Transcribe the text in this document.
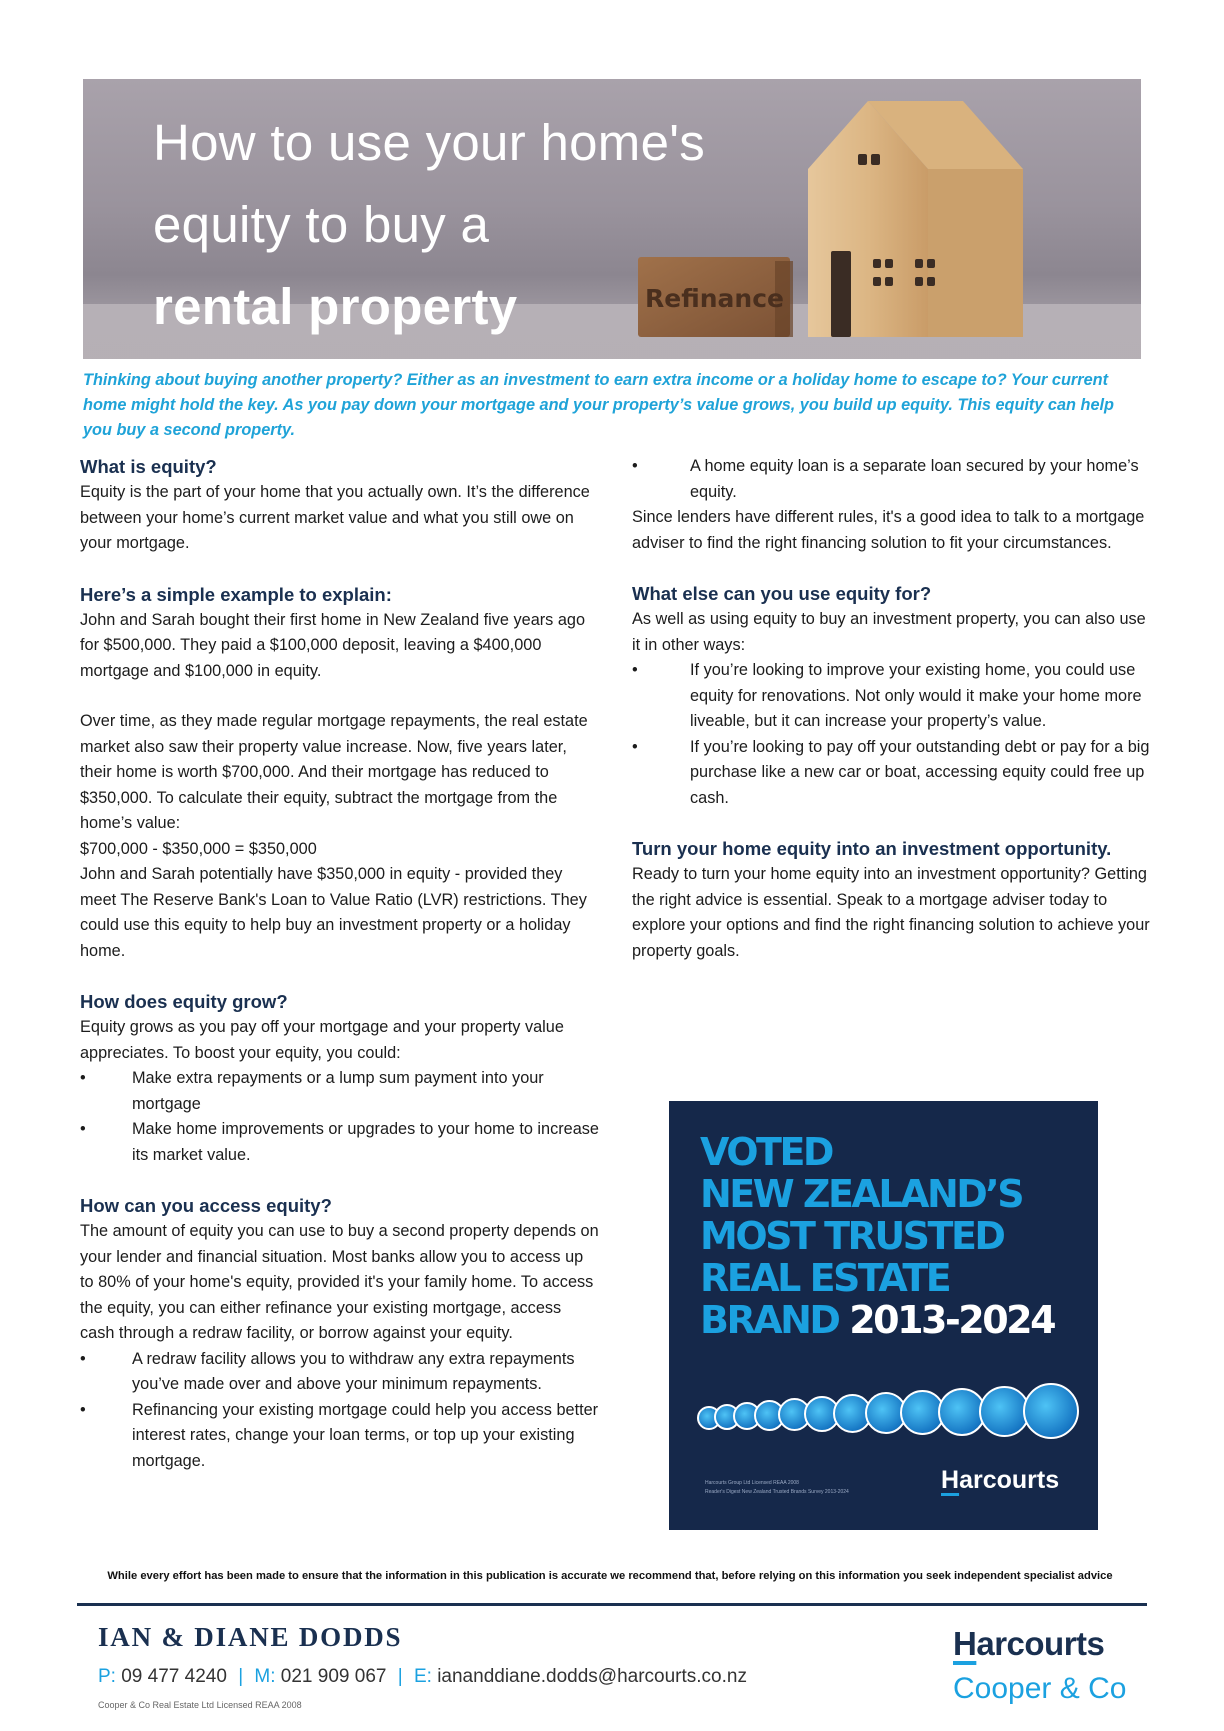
How to use your home's
equity to buy a
rental property	Refinance
Thinking about buying another property? Either as an investment to earn extra income or a holiday home to escape to? Your current home might hold the key. As you pay down your mortgage and your property’s value grows, you build up equity. This equity can help you buy a second property.
What is equity?

Equity is the part of your home that you actually own. It’s the difference between your home’s current market value and what you still owe on your mortgage.

Here’s a simple example to explain:

John and Sarah bought their first home in New Zealand five years ago for $500,000. They paid a $100,000 deposit, leaving a $400,000 mortgage and $100,000 in equity.

Over time, as they made regular mortgage repayments, the real estate market also saw their property value increase. Now, five years later, their home is worth $700,000. And their mortgage has reduced to $350,000. To calculate their equity, subtract the mortgage from the home’s value:

$700,000 - $350,000 = $350,000

John and Sarah potentially have $350,000 in equity - provided they meet The Reserve Bank's Loan to Value Ratio (LVR) restrictions. They could use this equity to help buy an investment property or a holiday home.

How does equity grow?

Equity grows as you pay off your mortgage and your property value appreciates. To boost your equity, you could:

•	Make extra repayments or a lump sum payment into your mortgage
•	Make home improvements or upgrades to your home to increase its market value.
How can you access equity?

The amount of equity you can use to buy a second property depends on your lender and financial situation. Most banks allow you to access up to 80% of your home's equity, provided it's your family home. To access the equity, you can either refinance your existing mortgage, access cash through a redraw facility, or borrow against your equity.

•	A redraw facility allows you to withdraw any extra repayments you’ve made over and above your minimum repayments.
•	Refinancing your existing mortgage could help you access better interest rates, change your loan terms, or top up your existing mortgage.
•	A home equity loan is a separate loan secured by your home’s equity.

Since lenders have different rules, it's a good idea to talk to a mortgage adviser to find the right financing solution to fit your circumstances.

What else can you use equity for?

As well as using equity to buy an investment property, you can also use it in other ways:

•	If you’re looking to improve your existing home, you could use equity for renovations. Not only would it make your home more liveable, but it can increase your property’s value.
•	If you’re looking to pay off your outstanding debt or pay for a big purchase like a new car or boat, accessing equity could free up cash.
Turn your home equity into an investment opportunity.

Ready to turn your home equity into an investment opportunity? Getting the right advice is essential. Speak to a mortgage adviser today to explore your options and find the right financing solution to achieve your property goals.

VOTED
NEW ZEALAND’S
MOST TRUSTED
REAL ESTATE
BRAND 2013-2024
Harcourts Group Ltd Licensed REAA 2008
Reader's Digest New Zealand Trusted Brands Survey 2013-2024	Harcourts
While every effort has been made to ensure that the information in this publication is accurate we recommend that, before relying on this information you seek independent specialist advice
IAN & DIANE DODDS
P: 09 477 4240 | M: 021 909 067 | E: iananddiane.dodds@harcourts.co.nz
Cooper & Co Real Estate Ltd Licensed REAA 2008
Harcourts
Cooper & Co
